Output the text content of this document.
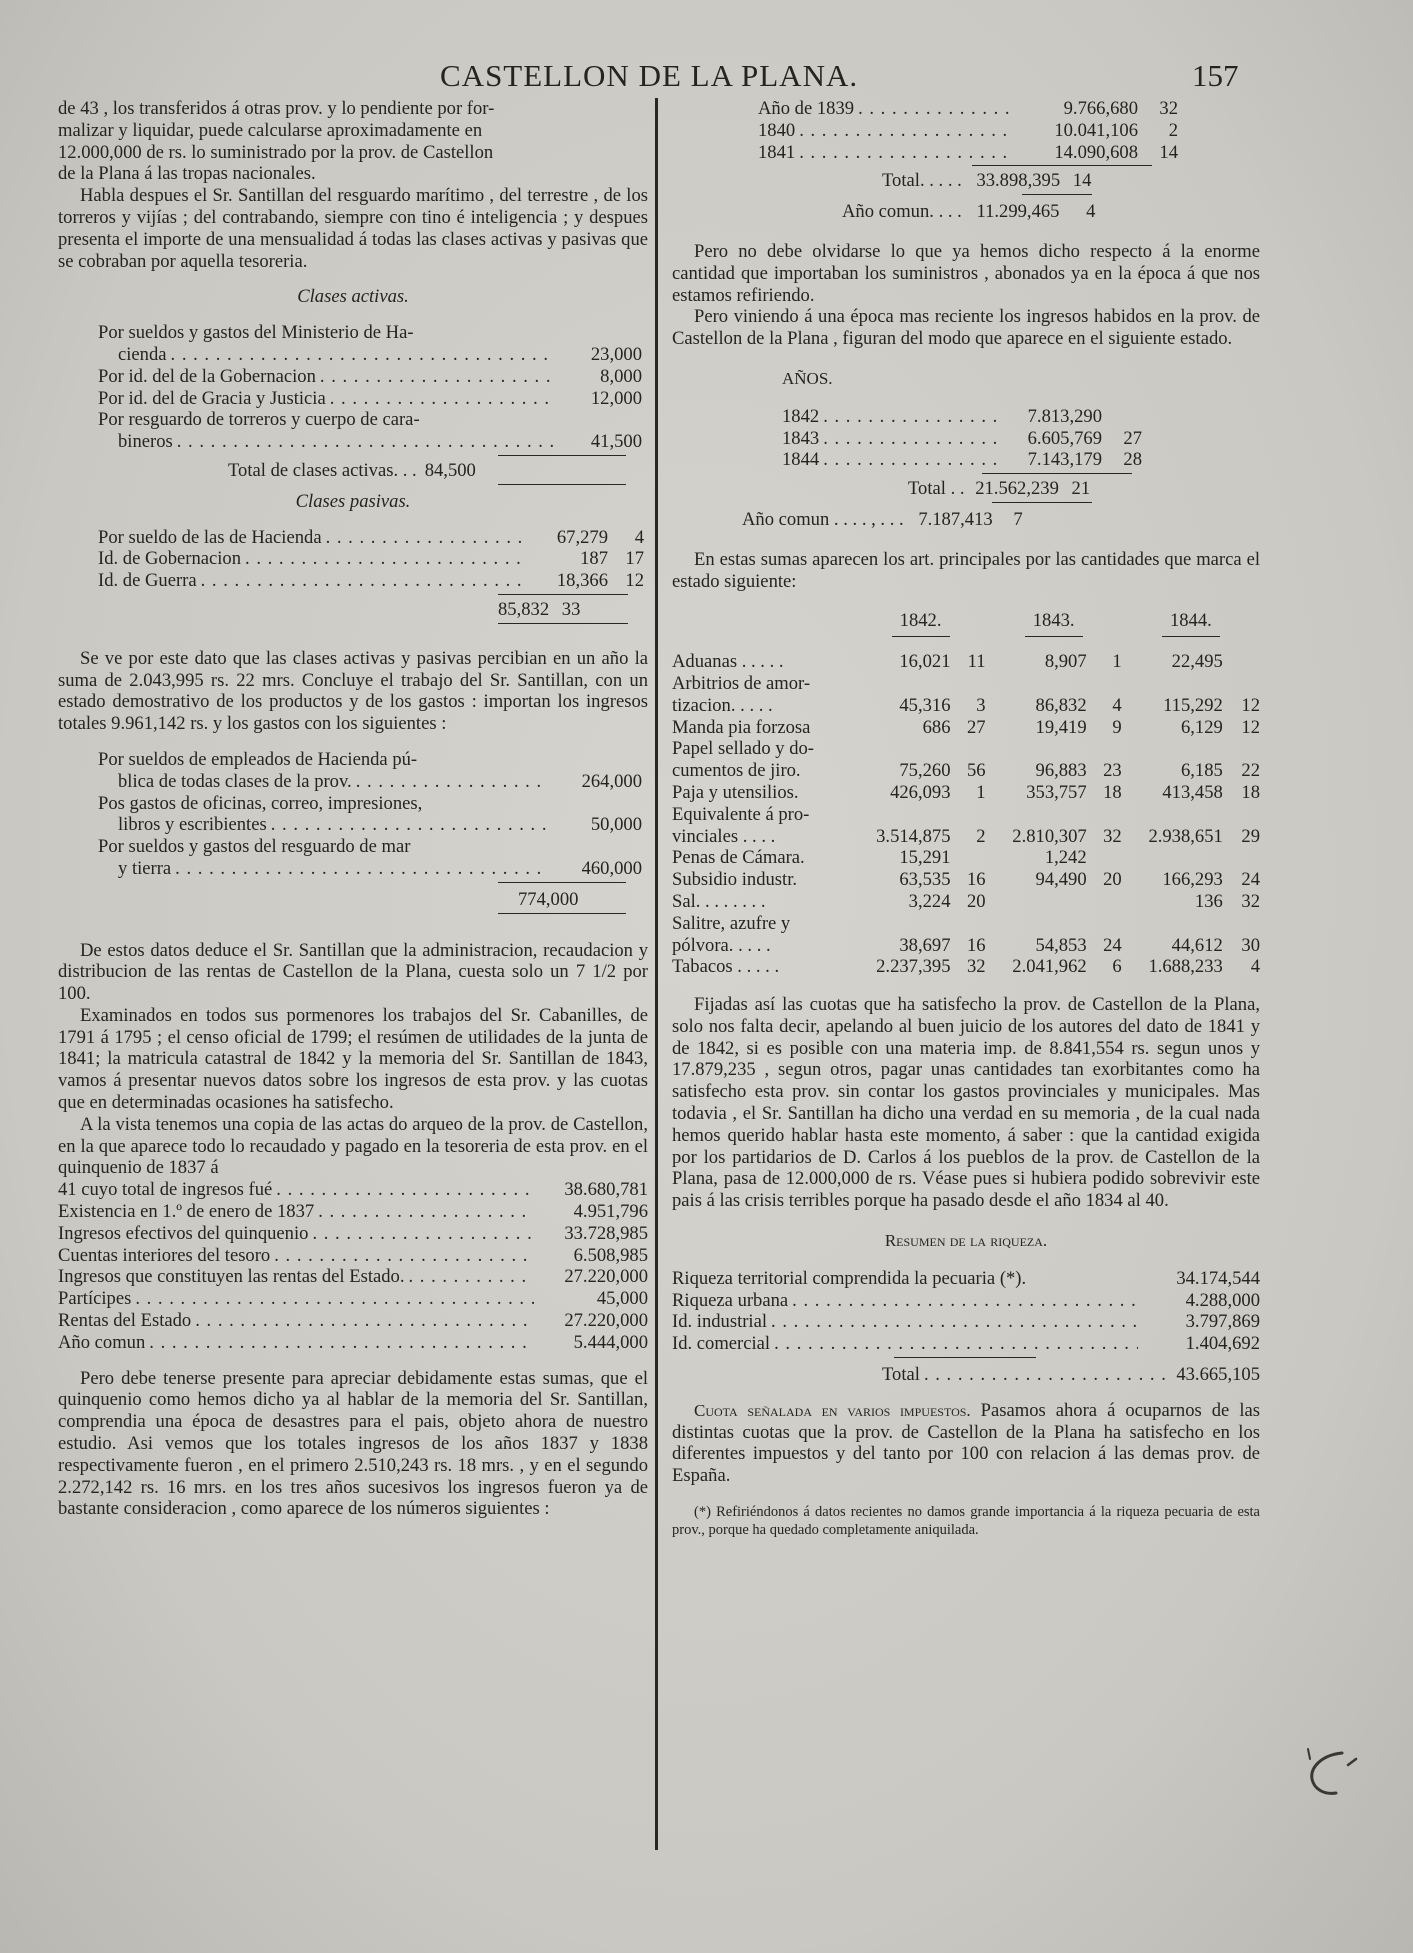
CASTELLON DE LA PLANA.	157
de 43 , los transferidos á otras prov. y lo pendiente por for-
malizar y liquidar, puede calcularse aproximadamente en
12.000,000 de rs. lo suministrado por la prov. de Castellon
de la Plana á las tropas nacionales.

Habla despues el Sr. Santillan del resguardo marítimo , del terrestre , de los torreros y vijías ; del contrabando, siempre con tino é inteligencia ; y despues presenta el importe de una mensualidad á todas las clases activas y pasivas que se cobraban por aquella tesoreria.

Clases activas.
Por sueldos y gastos del Ministerio de Ha-
cienda . . .	23,000
Por id. del de la Gobernacion . . .	8,000
Por id. del de Gracia y Justicia . . .	12,000
Por resguardo de torreros y cuerpo de cara-
bineros . . .	41,500
Total de clases activas. . . 84,500
Clases pasivas.
Por sueldo de las de Hacienda . . .	67,279	4
Id. de Gobernacion . . .	187 17
Id. de Guerra . . .	18,366 12
85,832 33

Se ve por este dato que las clases activas y pasivas percibian en un año la suma de 2.043,995 rs. 22 mrs. Concluye el trabajo del Sr. Santillan, con un estado demostrativo de los productos y de los gastos : importan los ingresos totales 9.961,142 rs. y los gastos con los siguientes :

Por sueldos de empleados de Hacienda pú-
blica de todas clases de la prov. . . .	264,000
Pos gastos de oficinas, correo, impresiones,
libros y escribientes . . .	50,000
Por sueldos y gastos del resguardo de mar
y tierra . . .	460,000
774,000

De estos datos deduce el Sr. Santillan que la administracion, recaudacion y distribucion de las rentas de Castellon de la Plana, cuesta solo un 7 1/2 por 100.

Examinados en todos sus pormenores los trabajos del Sr. Cabanilles, de 1791 á 1795 ; el censo oficial de 1799; el resúmen de utilidades de la junta de 1841; la matricula catastral de 1842 y la memoria del Sr. Santillan de 1843, vamos á presentar nuevos datos sobre los ingresos de esta prov. y las cuotas que en determinadas ocasiones ha satisfecho.

A la vista tenemos una copia de las actas do arqueo de la prov. de Castellon, en la que aparece todo lo recaudado y pagado en la tesoreria de esta prov. en el quinquenio de 1837 á

41 cuyo total de ingresos fué . . .	38.680,781
Existencia en 1.º de enero de 1837 . . .	4.951,796
Ingresos efectivos del quinquenio . . .	33.728,985
Cuentas interiores del tesoro . . .	6.508,985
Ingresos que constituyen las rentas del Estado. . . .	27.220,000
Partícipes . . .	45,000
Rentas del Estado . . .	27.220,000
Año comun . . .	5.444,000

Pero debe tenerse presente para apreciar debidamente estas sumas, que el quinquenio como hemos dicho ya al hablar de la memoria del Sr. Santillan, comprendia una época de desastres para el pais, objeto ahora de nuestro estudio. Asi vemos que los totales ingresos de los años 1837 y 1838 respectivamente fueron , en el primero 2.510,243 rs. 18 mrs. , y en el segundo 2.272,142 rs. 16 mrs. en los tres años sucesivos los ingresos fueron ya de bastante consideracion , como aparece de los números siguientes :

Año de 1839 . . .	9.766,680	32
1840 . . .	10.041,106	2
1841 . . .	14.090,608	14
Total. . . . . 33.898,395 14
Año comun. . . . 11.299,465 4

Pero no debe olvidarse lo que ya hemos dicho respecto á la enorme cantidad que importaban los suministros , abonados ya en la época á que nos estamos refiriendo.

Pero viniendo á una época mas reciente los ingresos habidos en la prov. de Castellon de la Plana , figuran del modo que aparece en el siguiente estado.

AÑOS.
1842 . . .	7.813,290
1843 . . .	6.605,769	27
1844 . . .	7.143,179	28
Total . . 21.562,239 21
Año comun . . . . , . . . 7.187,413 7

En estas sumas aparecen los art. principales por las cantidades que marca el estado siguiente:

	1842.		1843.		1844.	

Aduanas . . . . .	16,021	11	8,907	1	22,495	
Arbitrios de amor-						
tizacion. . . . .	45,316	3	86,832	4	115,292	12
Manda pia forzosa	686	27	19,419	9	6,129	12
Papel sellado y do-						
cumentos de jiro.	75,260	56	96,883	23	6,185	22
Paja y utensilios.	426,093	1	353,757	18	413,458	18
Equivalente á pro-						
vinciales . . . .	3.514,875	2	2.810,307	32	2.938,651	29
Penas de Cámara.	15,291		1,242			
Subsidio industr.	63,535	16	94,490	20	166,293	24
Sal. . . . . . . .	3,224	20			136	32
Salitre, azufre y						
pólvora. . . . .	38,697	16	54,853	24	44,612	30
Tabacos . . . . .	2.237,395	32	2.041,962	6	1.688,233	4

Fijadas así las cuotas que ha satisfecho la prov. de Castellon de la Plana, solo nos falta decir, apelando al buen juicio de los autores del dato de 1841 y de 1842, si es posible con una materia imp. de 8.841,554 rs. segun unos y 17.879,235 , segun otros, pagar unas cantidades tan exorbitantes como ha satisfecho esta prov. sin contar los gastos provinciales y municipales. Mas todavia , el Sr. Santillan ha dicho una verdad en su memoria , de la cual nada hemos querido hablar hasta este momento, á saber : que la cantidad exigida por los partidarios de D. Carlos á los pueblos de la prov. de Castellon de la Plana, pasa de 12.000,000 de rs. Véase pues si hubiera podido sobrevivir este pais á las crisis terribles porque ha pasado desde el año 1834 al 40.

Resumen de la riqueza.
Riqueza territorial comprendida la pecuaria (*).	34.174,544
Riqueza urbana . . .	4.288,000
Id. industrial . . .	3.797,869
Id. comercial . . .	1.404,692
Total . . .	43.665,105

Cuota señalada en varios impuestos. Pasamos ahora á ocuparnos de las distintas cuotas que la prov. de Castellon de la Plana ha satisfecho en los diferentes impuestos y del tanto por 100 con relacion á las demas prov. de España.

(*) Refiriéndonos á datos recientes no damos grande importancia á la riqueza pecuaria de esta prov., porque ha quedado completamente aniquilada.
